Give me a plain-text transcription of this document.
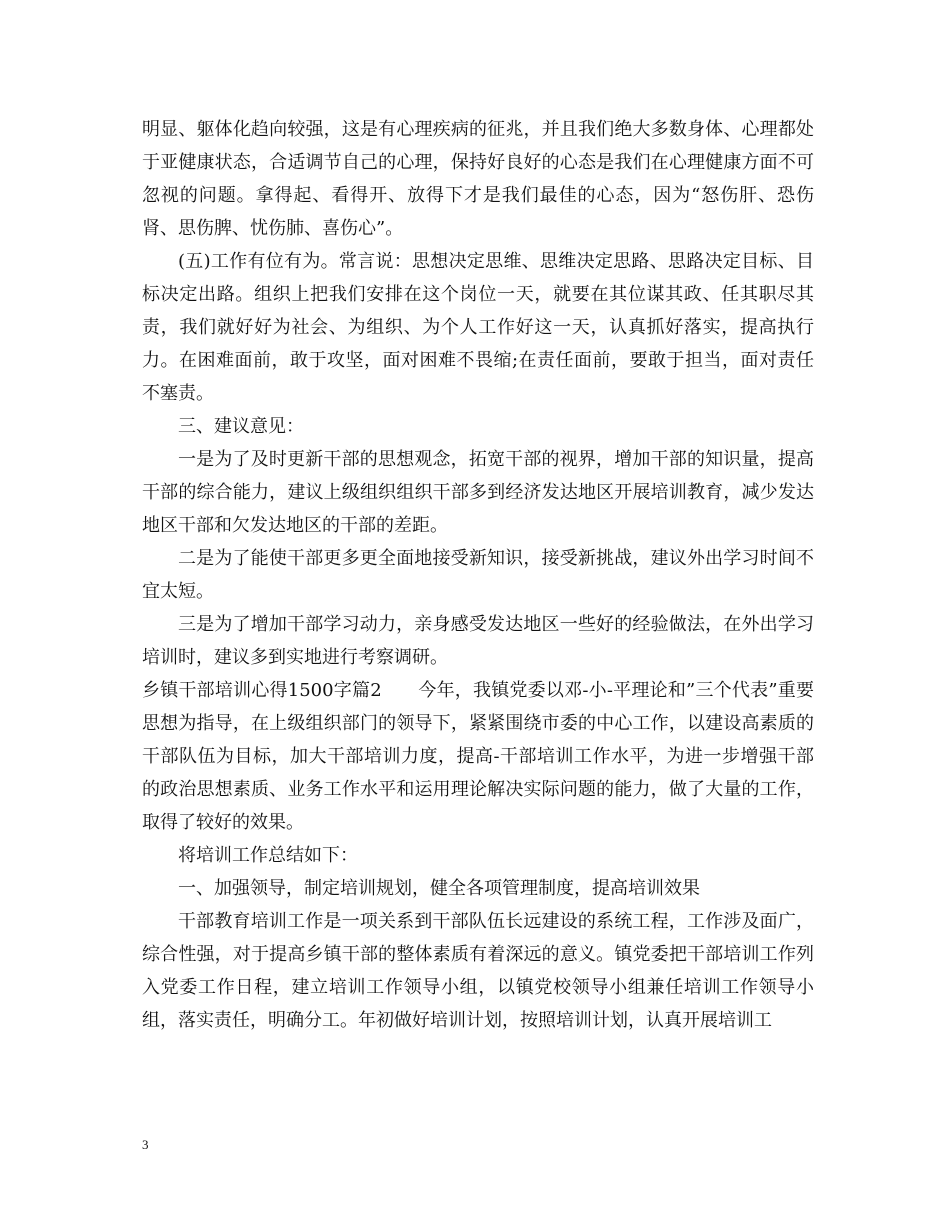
明显、躯体化趋向较强，这是有心理疾病的征兆，并且我们绝大多数身体、心理都处于亚健康状态，合适调节自己的心理，保持好良好的心态是我们在心理健康方面不可忽视的问题。拿得起、看得开、放得下才是我们最佳的心态，因为“怒伤肝、恐伤肾、思伤脾、忧伤肺、喜伤心”。

(五)工作有位有为。常言说：思想决定思维、思维决定思路、思路决定目标、目标决定出路。组织上把我们安排在这个岗位一天，就要在其位谋其政、任其职尽其责，我们就好好为社会、为组织、为个人工作好这一天，认真抓好落实，提高执行力。在困难面前，敢于攻坚，面对困难不畏缩;在责任面前，要敢于担当，面对责任不塞责。

三、建议意见：

一是为了及时更新干部的思想观念，拓宽干部的视界，增加干部的知识量，提高干部的综合能力，建议上级组织组织干部多到经济发达地区开展培训教育，减少发达地区干部和欠发达地区的干部的差距。

二是为了能使干部更多更全面地接受新知识，接受新挑战，建议外出学习时间不宜太短。

三是为了增加干部学习动力，亲身感受发达地区一些好的经验做法，在外出学习培训时，建议多到实地进行考察调研。

乡镇干部培训心得1500字篇2　　今年，我镇党委以邓-小-平理论和”三个代表”重要思想为指导，在上级组织部门的领导下，紧紧围绕市委的中心工作，以建设高素质的干部队伍为目标，加大干部培训力度，提高-干部培训工作水平，为进一步增强干部的政治思想素质、业务工作水平和运用理论解决实际问题的能力，做了大量的工作，取得了较好的效果。

将培训工作总结如下：

一、加强领导，制定培训规划，健全各项管理制度，提高培训效果

干部教育培训工作是一项关系到干部队伍长远建设的系统工程，工作涉及面广，综合性强，对于提高乡镇干部的整体素质有着深远的意义。镇党委把干部培训工作列入党委工作日程，建立培训工作领导小组，以镇党校领导小组兼任培训工作领导小组，落实责任，明确分工。年初做好培训计划，按照培训计划，认真开展培训工

3
